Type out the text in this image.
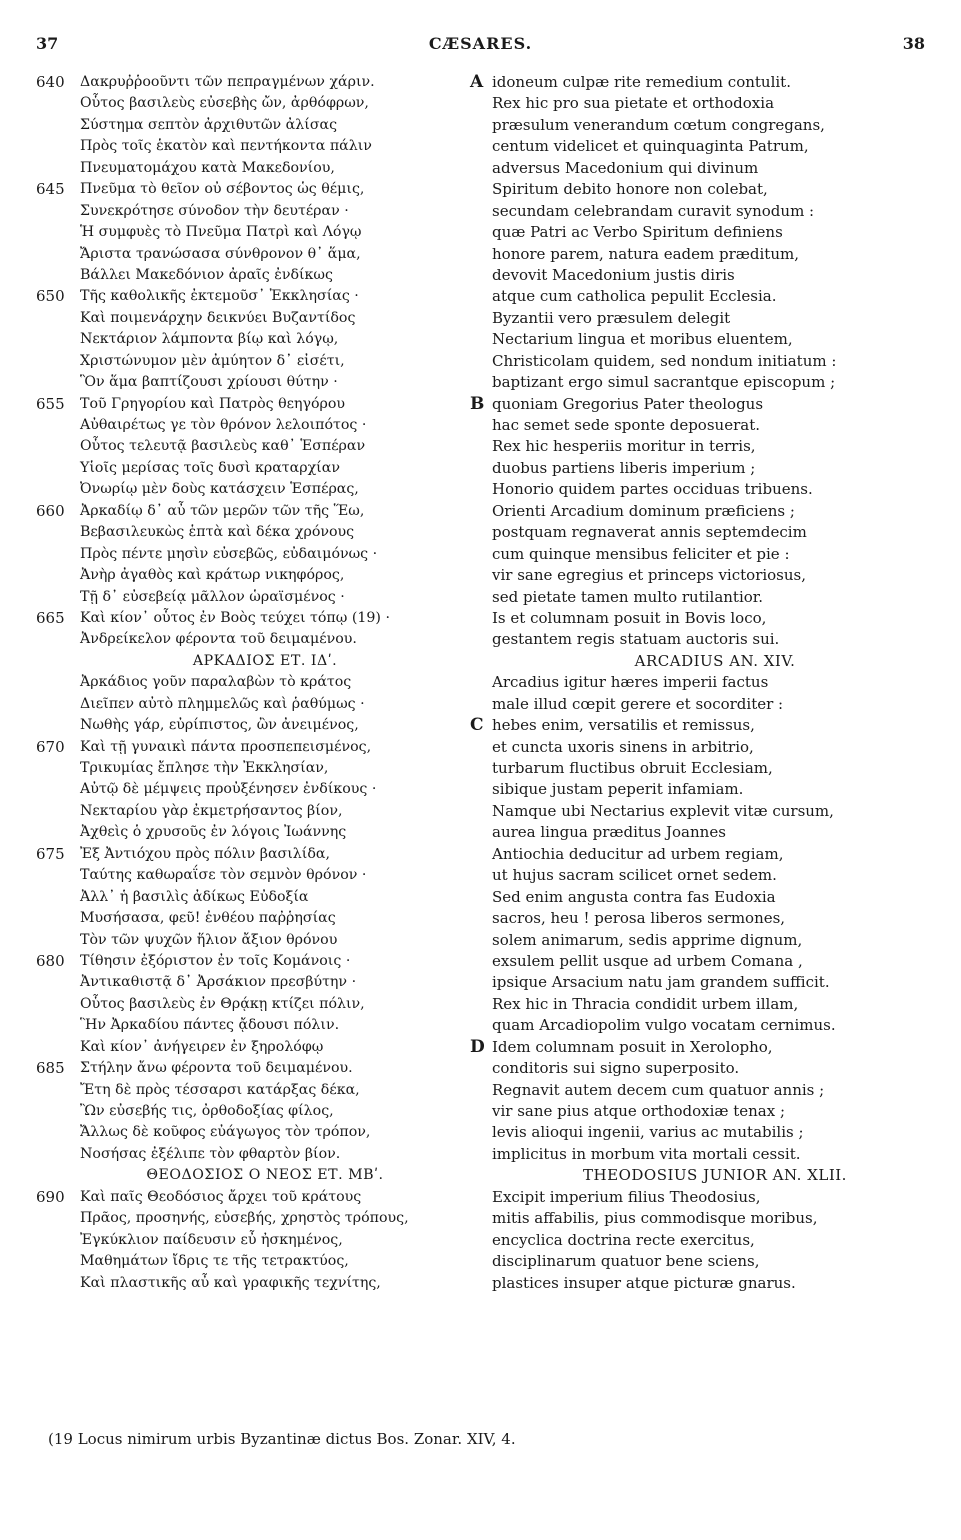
37	CÆSARES.	38
640	Δακρυῤῥοοῦντι τῶν πεπραγμένων χάριν.
Οὗτος βασιλεὺς εὐσεβὴς ὤν, ἀρθόφρων,
Σύστημα σεπτὸν ἀρχιθυτῶν ἀλίσας
Πρὸς τοῖς ἑκατὸν καὶ πεντήκοντα πάλιν
Πνευματομάχου κατὰ Μακεδονίου,
645	Πνεῦμα τὸ θεῖον οὐ σέβοντος ὡς θέμις,
Συνεκρότησε σύνοδον τὴν δευτέραν ·
Ἡ συμφυὲς τὸ Πνεῦμα Πατρὶ καὶ Λόγῳ
Ἄριστα τρανώσασα σύνθρονον θ᾽ ἅμα,
Βάλλει Μακεδόνιον ἀραῖς ἐνδίκως
650	Τῆς καθολικῆς ἐκτεμοῦσ᾽ Ἐκκλησίας ·
Καὶ ποιμενάρχην δεικνύει Βυζαντίδος
Νεκτάριον λάμποντα βίῳ καὶ λόγῳ,
Χριστώνυμον μὲν ἀμύητον δ᾽ εἰσέτι,
Ὃν ἅμα βαπτίζουσι χρίουσι θύτην ·
655	Τοῦ Γρηγορίου καὶ Πατρὸς θεηγόρου
Αὐθαιρέτως γε τὸν θρόνον λελοιπότος ·
Οὗτος τελευτᾷ βασιλεὺς καθ᾽ Ἑσπέραν
Υἱοῖς μερίσας τοῖς δυσὶ κραταρχίαν
Ὀνωρίῳ μὲν δοὺς κατάσχειν Ἑσπέρας,
660	Ἀρκαδίῳ δ᾽ αὖ τῶν μερῶν τῶν τῆς Ἕω,
Βεβασιλευκὼς ἑπτὰ καὶ δέκα χρόνους
Πρὸς πέντε μησὶν εὐσεβῶς, εὐδαιμόνως ·
Ἀνὴρ ἀγαθὸς καὶ κράτωρ νικηφόρος,
Τῇ δ᾽ εὐσεβείᾳ μᾶλλον ὡραϊσμένος ·
665	Καὶ κίον᾽ οὗτος ἐν Βοὸς τεύχει τόπῳ (19) ·
Ἀνδρείκελον φέροντα τοῦ δειμαμένου.
ΑΡΚΑΔΙΟΣ ΕΤ. ΙΔʹ.
Ἀρκάδιος γοῦν παραλαβὼν τὸ κράτος
Διεῖπεν αὐτὸ πλημμελῶς καὶ ῥαθύμως ·
Νωθὴς γάρ, εὐρίπιστος, ὢν ἀνειμένος,
670	Καὶ τῇ γυναικὶ πάντα προσπεπεισμένος,
Τρικυμίας ἔπλησε τὴν Ἐκκλησίαν,
Αὐτῷ δὲ μέμψεις προὐξένησεν ἐνδίκους ·
Νεκταρίου γὰρ ἐκμετρήσαντος βίον,
Ἀχθεὶς ὁ χρυσοῦς ἐν λόγοις Ἰωάννης
675	Ἐξ Ἀντιόχου πρὸς πόλιν βασιλίδα,
Ταύτης καθωραΐσε τὸν σεμνὸν θρόνον ·
Ἀλλ᾽ ἡ βασιλὶς ἀδίκως Εὐδοξία
Μυσήσασα, φεῦ! ἐνθέου παῤῥησίας
Τὸν τῶν ψυχῶν ἥλιον ἄξιον θρόνου
680	Τίθησιν ἐξόριστον ἐν τοῖς Κομάνοις ·
Ἀντικαθιστᾷ δ᾽ Ἀρσάκιον πρεσβύτην ·
Οὗτος βασιλεὺς ἐν Θρᾴκῃ κτίζει πόλιν,
Ἣν Ἀρκαδίου πάντες ᾄδουσι πόλιν.
Καὶ κίον᾽ ἀνήγειρεν ἐν ξηρολόφῳ
685	Στήλην ἄνω φέροντα τοῦ δειμαμένου.
Ἔτη δὲ πρὸς τέσσαρσι κατάρξας δέκα,
Ὢν εὐσεβής τις, ὀρθοδοξίας φίλος,
Ἄλλως δὲ κοῦφος εὐάγωγος τὸν τρόπον,
Νοσήσας ἐξέλιπε τὸν φθαρτὸν βίον.
ΘΕΟΔΟΣΙΟΣ Ο ΝΕΟΣ ΕΤ. ΜΒʹ.
690	Καὶ παῖς Θεοδόσιος ἄρχει τοῦ κράτους
Πρᾶος, προσηνής, εὐσεβής, χρηστὸς τρόπους,
Ἐγκύκλιον παίδευσιν εὖ ἠσκημένος,
Μαθημάτων ἴδρις τε τῆς τετρακτύος,
Καὶ πλαστικῆς αὖ καὶ γραφικῆς τεχνίτης,
A idoneum culpæ rite remedium contulit.
Rex hic pro sua pietate et orthodoxia
præsulum venerandum cœtum congregans,
centum videlicet et quinquaginta Patrum,
adversus Macedonium qui divinum
Spiritum debito honore non colebat,
secundam celebrandam curavit synodum :
quæ Patri ac Verbo Spiritum definiens
honore parem, natura eadem præditum,
devovit Macedonium justis diris
atque cum catholica pepulit Ecclesia.
Byzantii vero præsulem delegit
Nectarium lingua et moribus eluentem,
Christicolam quidem, sed nondum initiatum :
baptizant ergo simul sacrantque episcopum ;
B quoniam Gregorius Pater theologus
hac semet sede sponte deposuerat.
Rex hic hesperiis moritur in terris,
duobus partiens liberis imperium ;
Honorio quidem partes occiduas tribuens.
Orienti Arcadium dominum præficiens ;
postquam regnaverat annis septemdecim
cum quinque mensibus feliciter et pie :
vir sane egregius et princeps victoriosus,
sed pietate tamen multo rutilantior.
Is et columnam posuit in Bovis loco,
gestantem regis statuam auctoris sui.
ARCADIUS AN. XIV.
Arcadius igitur hæres imperii factus
male illud cœpit gerere et socorditer :
C hebes enim, versatilis et remissus,
et cuncta uxoris sinens in arbitrio,
turbarum fluctibus obruit Ecclesiam,
sibique justam peperit infamiam.
Namque ubi Nectarius explevit vitæ cursum,
aurea lingua præditus Joannes
Antiochia deducitur ad urbem regiam,
ut hujus sacram scilicet ornet sedem.
Sed enim angusta contra fas Eudoxia
sacros, heu ! perosa liberos sermones,
solem animarum, sedis apprime dignum,
exsulem pellit usque ad urbem Comana ,
ipsique Arsacium natu jam grandem sufficit.
Rex hic in Thracia condidit urbem illam,
quam Arcadiopolim vulgo vocatam cernimus.
D Idem columnam posuit in Xerolopho,
conditoris sui signo superposito.
Regnavit autem decem cum quatuor annis ;
vir sane pius atque orthodoxiæ tenax ;
levis alioqui ingenii, varius ac mutabilis ;
implicitus in morbum vita mortali cessit.
THEODOSIUS JUNIOR AN. XLII.
Excipit imperium filius Theodosius,
mitis affabilis, pius commodisque moribus,
encyclica doctrina recte exercitus,
disciplinarum quatuor bene sciens,
plastices insuper atque picturæ gnarus.
(19 Locus nimirum urbis Byzantinæ dictus Bos. Zonar. XIV, 4.
